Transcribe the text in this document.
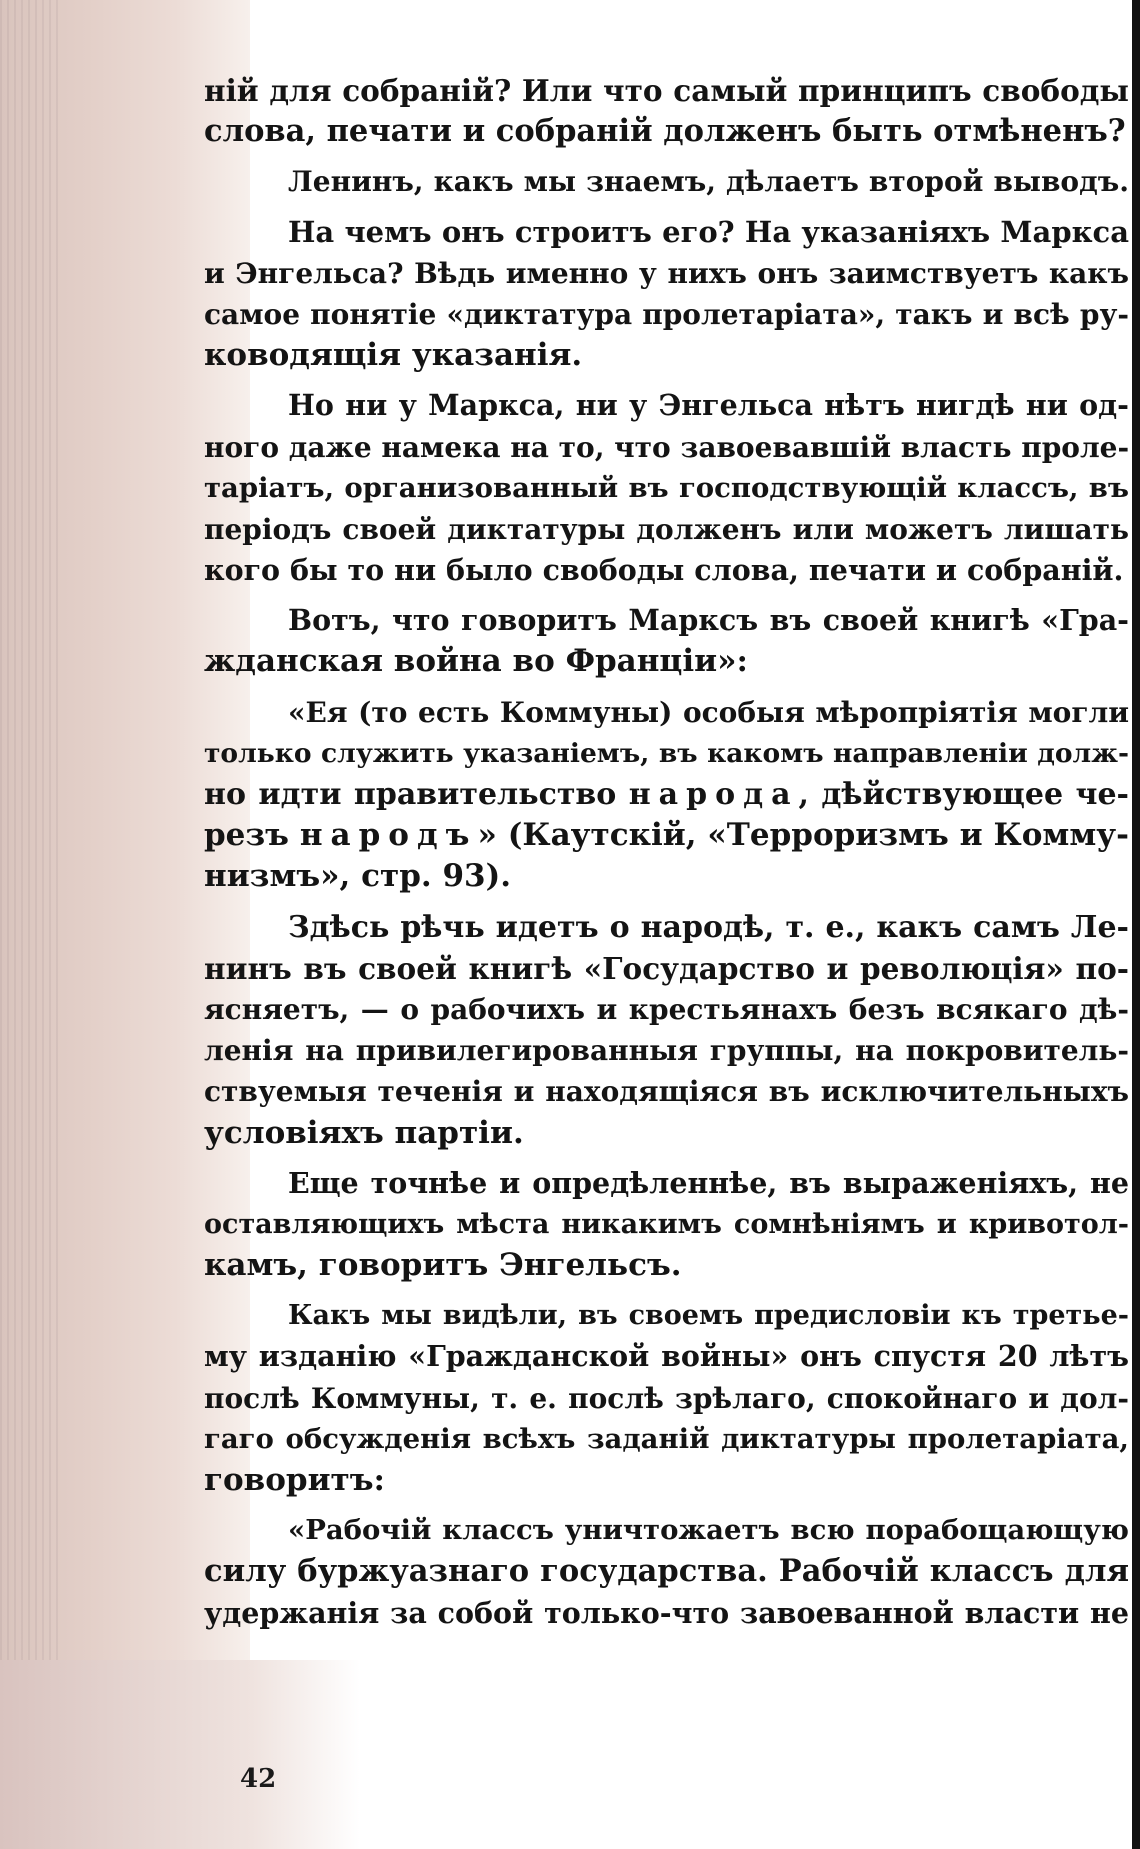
ній для собраній? Или что самый принципъ свободы
слова, печати и собраній долженъ быть отмѣненъ?
Ленинъ, какъ мы знаемъ, дѣлаетъ второй выводъ.
На чемъ онъ строитъ его? На указаніяхъ Маркса
и Энгельса? Вѣдь именно у нихъ онъ заимствуетъ какъ
самое понятіе «диктатура пролетаріата», такъ и всѣ ру-
ководящія указанія.
Но ни у Маркса, ни у Энгельса нѣтъ нигдѣ ни од-
ного даже намека на то, что завоевавшій власть проле-
таріатъ, организованный въ господствующій классъ, въ
періодъ своей диктатуры долженъ или можетъ лишать
кого бы то ни было свободы слова, печати и собраній.
Вотъ, что говоритъ Марксъ въ своей книгѣ «Гра-
жданская война во Франціи»:
«Ея (то есть Коммуны) особыя мѣропріятія могли
только служить указаніемъ, въ какомъ направленіи долж-
но идти правительство народа, дѣйствующее че-
резъ народъ» (Каутскій, «Терроризмъ и Комму-
низмъ», стр. 93).
Здѣсь рѣчь идетъ о народѣ, т. е., какъ самъ Ле-
нинъ въ своей книгѣ «Государство и революція» по-
ясняетъ, — о рабочихъ и крестьянахъ безъ всякаго дѣ-
ленія на привилегированныя группы, на покровитель-
ствуемыя теченія и находящіяся въ исключительныхъ
условіяхъ партіи.
Еще точнѣе и опредѣленнѣе, въ выраженіяхъ, не
оставляющихъ мѣста никакимъ сомнѣніямъ и кривотол-
камъ, говоритъ Энгельсъ.
Какъ мы видѣли, въ своемъ предисловіи къ третье-
му изданію «Гражданской войны» онъ спустя 20 лѣтъ
послѣ Коммуны, т. е. послѣ зрѣлаго, спокойнаго и дол-
гаго обсужденія всѣхъ заданій диктатуры пролетаріата,
говоритъ:
«Рабочій классъ уничтожаетъ всю порабощающую
силу буржуазнаго государства. Рабочій классъ для
удержанія за собой только-что завоеванной власти не
42
